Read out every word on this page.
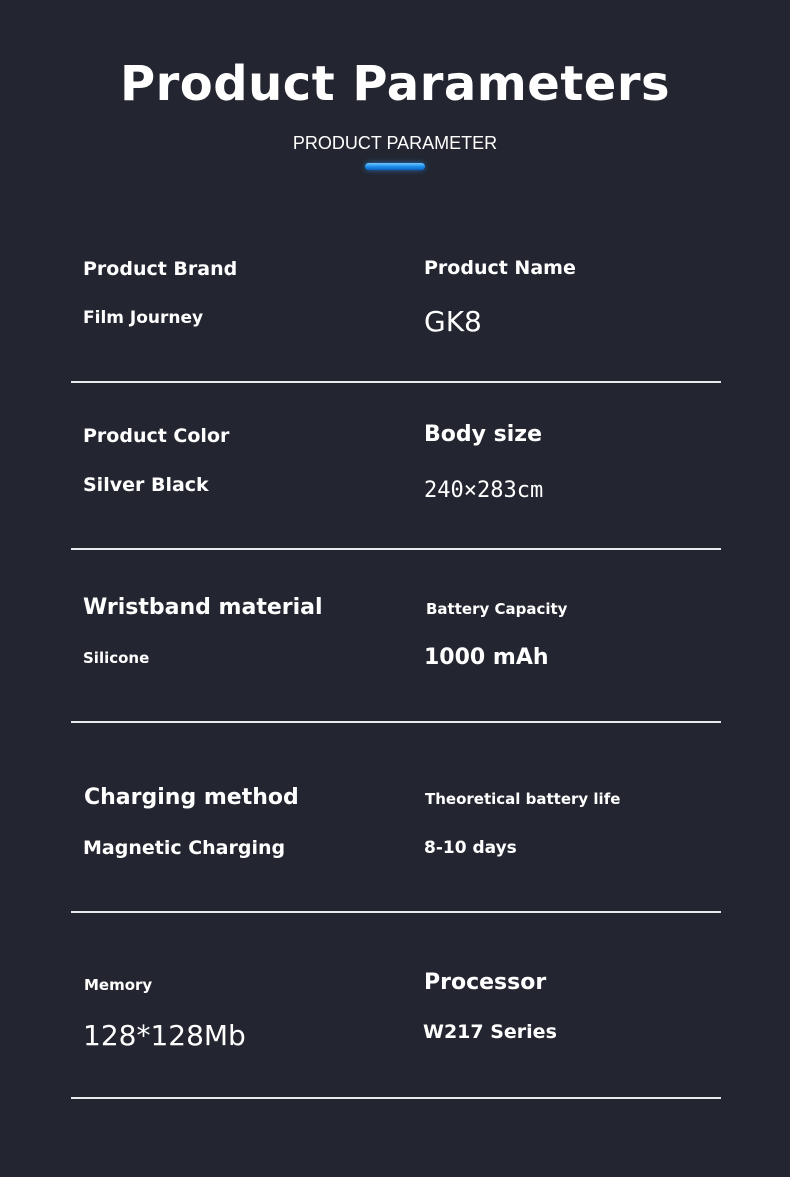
Product Parameters
PRODUCT PARAMETER
Product Brand
Film Journey
Product Name
GK8
Product Color
Silver Black
Body size
240×283cm
Wristband material
Silicone
Battery Capacity
1000 mAh
Charging method
Magnetic Charging
Theoretical battery life
8-10 days
Memory
128*128Mb
Processor
W217 Series
